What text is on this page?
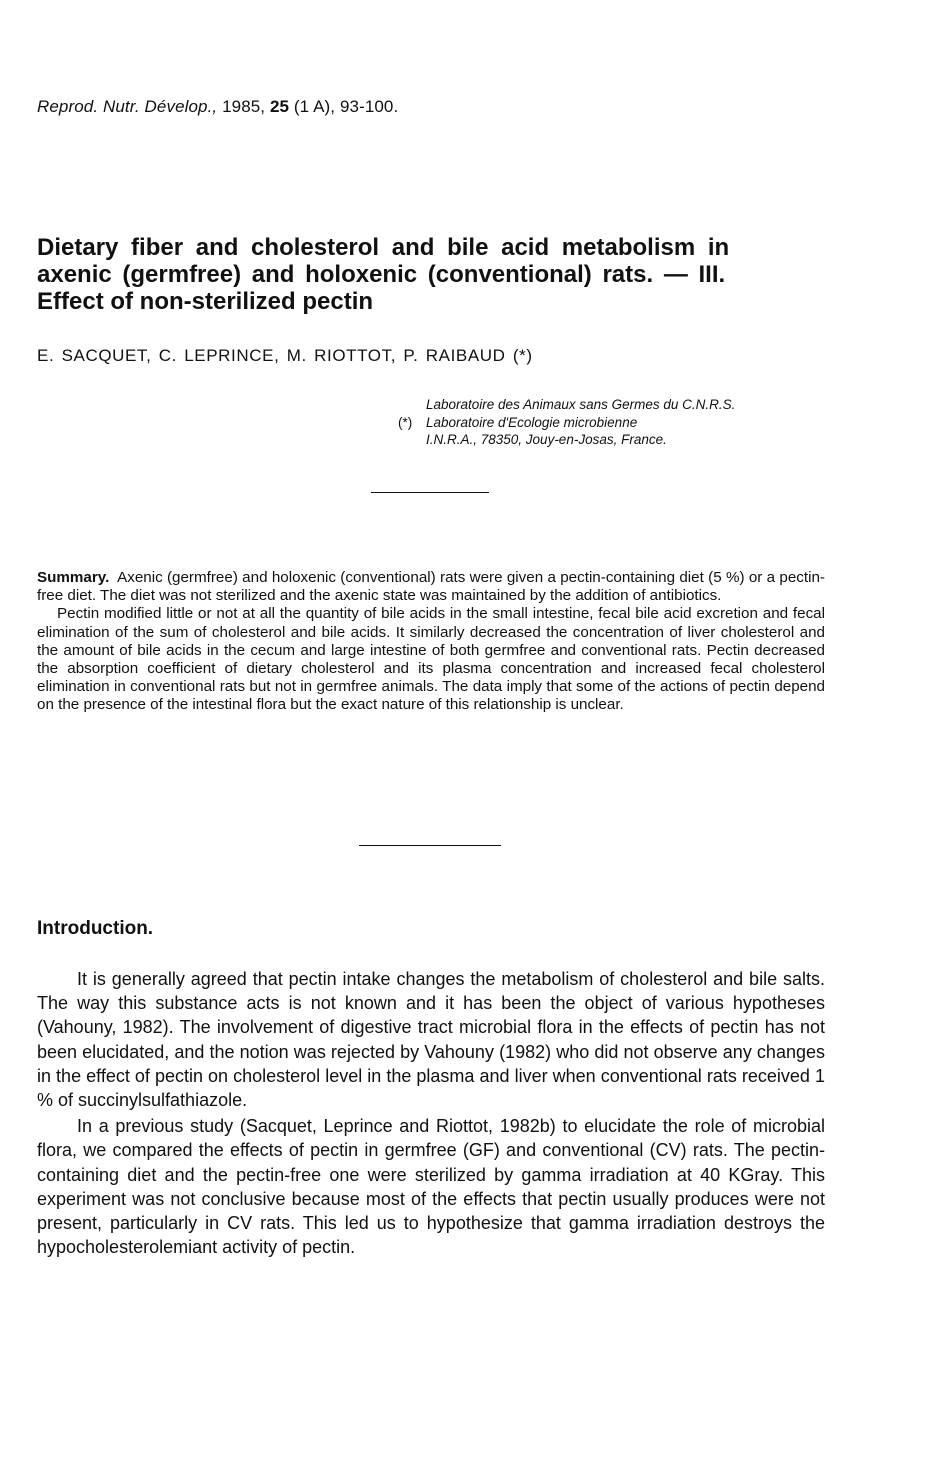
Reprod. Nutr. Dévelop., 1985, 25 (1 A), 93-100.
Dietary fiber and cholesterol and bile acid metabolism in
axenic (germfree) and holoxenic (conventional) rats. — III.
Effect of non-sterilized pectin
E. SACQUET, C. LEPRINCE, M. RIOTTOT, P. RAIBAUD (*)
Laboratoire des Animaux sans Germes du C.N.R.S.
(*) Laboratoire d'Ecologie microbienne
I.N.R.A., 78350, Jouy-en-Josas, France.

Summary. Axenic (germfree) and holoxenic (conventional) rats were given a pectin-containing diet (5 %) or a pectin-free diet. The diet was not sterilized and the axenic state was maintained by the addition of antibiotics.

Pectin modified little or not at all the quantity of bile acids in the small intestine, fecal bile acid excretion and fecal elimination of the sum of cholesterol and bile acids. It similarly decreased the concentration of liver cholesterol and the amount of bile acids in the cecum and large intestine of both germfree and conventional rats. Pectin decreased the absorption coefficient of dietary cholesterol and its plasma concentration and increased fecal cholesterol elimination in conventional rats but not in germfree animals. The data imply that some of the actions of pectin depend on the presence of the intestinal flora but the exact nature of this relationship is unclear.

Introduction.

It is generally agreed that pectin intake changes the metabolism of cholesterol and bile salts. The way this substance acts is not known and it has been the object of various hypotheses (Vahouny, 1982). The involvement of digestive tract microbial flora in the effects of pectin has not been elucidated, and the notion was rejected by Vahouny (1982) who did not observe any changes in the effect of pectin on cholesterol level in the plasma and liver when conventional rats received 1 % of succinylsulfathiazole.

In a previous study (Sacquet, Leprince and Riottot, 1982b) to elucidate the role of microbial flora, we compared the effects of pectin in germfree (GF) and conventional (CV) rats. The pectin-containing diet and the pectin-free one were sterilized by gamma irradiation at 40 KGray. This experiment was not conclusive because most of the effects that pectin usually produces were not present, particularly in CV rats. This led us to hypothesize that gamma irradiation destroys the hypocholesterolemiant activity of pectin.
